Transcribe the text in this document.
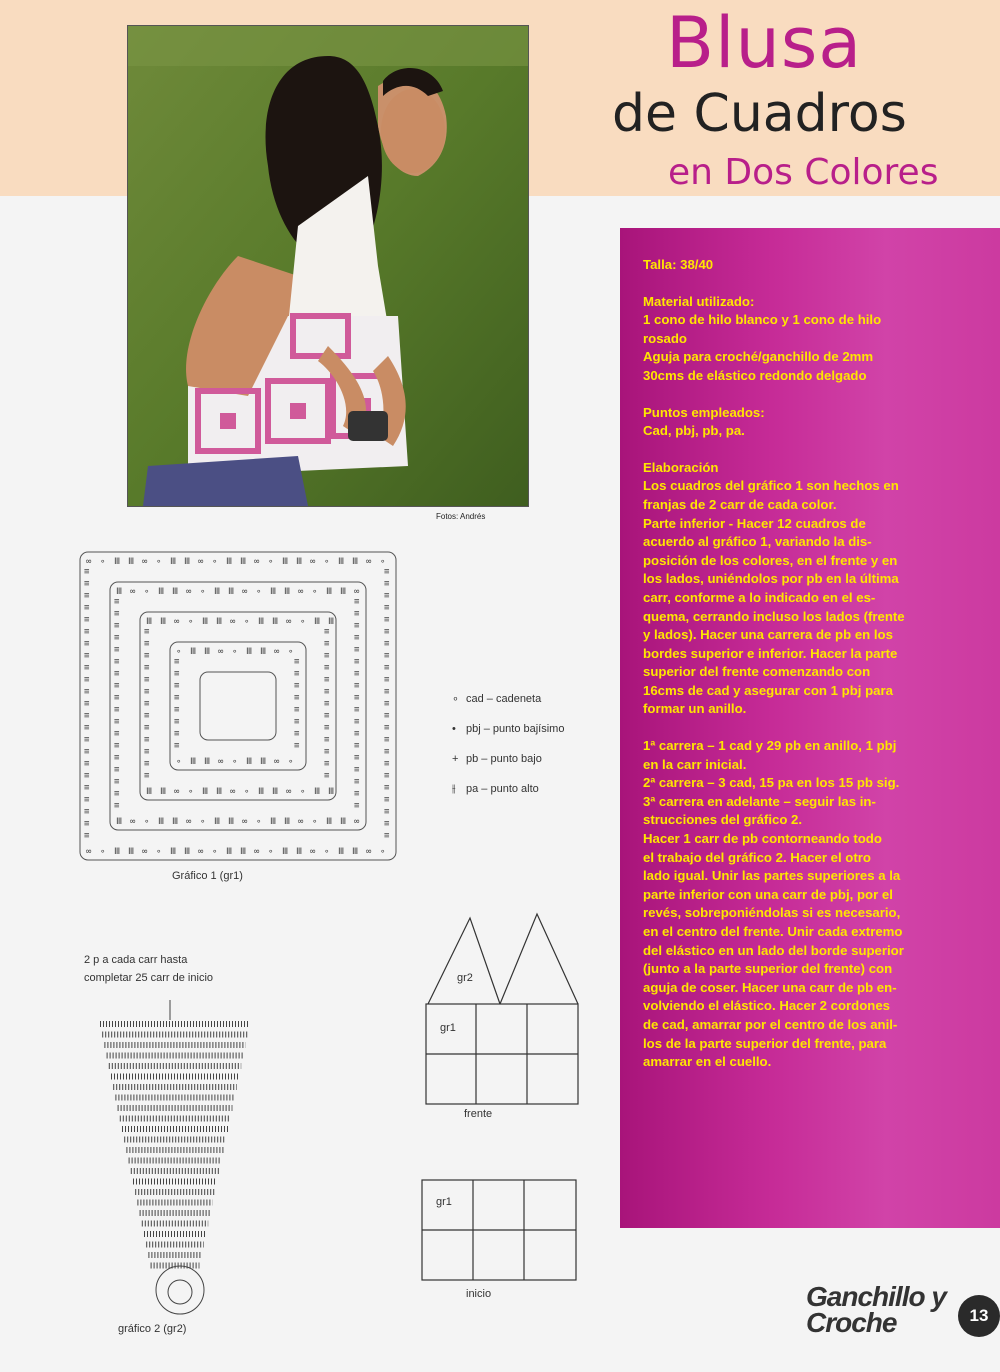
Fotos: Andrés
Blusa
de Cuadros
en Dos Colores

Talla: 38/40

Material utilizado:
1 cono de hilo blanco y 1 cono de hilo
rosado
Aguja para croché/ganchillo de 2mm
30cms de elástico redondo delgado

Puntos empleados:
Cad, pbj, pb, pa.

Elaboración
Los cuadros del gráfico 1 son hechos en
franjas de 2 carr de cada color.
Parte inferior - Hacer 12 cuadros de
acuerdo al gráfico 1, variando la dis-
posición de los colores, en el frente y en
los lados, uniéndolos por pb en la última
carr, conforme a lo indicado en el es-
quema, cerrando incluso los lados (frente
y lados). Hacer una carrera de pb en los
bordes superior e inferior. Hacer la parte
superior del frente comenzando con
16cms de cad y asegurar con 1 pbj para
formar un anillo.

1ª carrera – 1 cad y 29 pb en anillo, 1 pbj
en la carr inicial.
2ª carrera – 3 cad, 15 pa en los 15 pb sig.
3ª carrera en adelante – seguir las in-
strucciones del gráfico 2.
Hacer 1 carr de pb contorneando todo
el trabajo del gráfico 2. Hacer el otro
lado igual. Unir las partes superiores a la
parte inferior con una carr de pbj, por el
revés, sobreponiéndolas si es necesario,
en el centro del frente. Unir cada extremo
del elástico en un lado del borde superior
(junto a la parte superior del frente) con
aguja de coser. Hacer una carr de pb en-
volviendo el elástico. Hacer 2 cordones
de cad, amarrar por el centro de los anil-
los de la parte superior del frente, para
amarrar en el cuello.

∞
∞
∘
∘
Ⅲ
Ⅲ
Ⅲ
Ⅲ
∞
∞
∘
∘
Ⅲ
Ⅲ
Ⅲ
Ⅲ
∞
∞
∘
∘
Ⅲ
Ⅲ
Ⅲ
Ⅲ
∞
∞
∘
∘
Ⅲ
Ⅲ
Ⅲ
Ⅲ
∞
∞
∘
∘
Ⅲ
Ⅲ
Ⅲ
Ⅲ
∞
∞
∘
∘
≡	≡
≡	≡
≡	≡
≡	≡
≡	≡
≡	≡
≡	≡
≡	≡
≡	≡
≡	≡
≡	≡
≡	≡
≡	≡
≡	≡
≡	≡
≡	≡
≡	≡
≡	≡
≡	≡
≡	≡
≡	≡
≡	≡
≡	≡
Ⅲ
Ⅲ
∞
∞
∘
∘
Ⅲ
Ⅲ
Ⅲ
Ⅲ
∞
∞
∘
∘
Ⅲ
Ⅲ
Ⅲ
Ⅲ
∞
∞
∘
∘
Ⅲ
Ⅲ
Ⅲ
Ⅲ
∞
∞
∘
∘
Ⅲ
Ⅲ
Ⅲ
Ⅲ
∞
∞
≡	≡
≡	≡
≡	≡
≡	≡
≡	≡
≡	≡
≡	≡
≡	≡
≡	≡
≡	≡
≡	≡
≡	≡
≡	≡
≡	≡
≡	≡
≡	≡
≡	≡
≡	≡
Ⅲ
Ⅲ
Ⅲ
Ⅲ
∞
∞
∘
∘
Ⅲ
Ⅲ
Ⅲ
Ⅲ
∞
∞
∘
∘
Ⅲ
Ⅲ
Ⅲ
Ⅲ
∞
∞
∘
∘
Ⅲ
Ⅲ
Ⅲ
Ⅲ
≡	≡
≡	≡
≡	≡
≡	≡
≡	≡
≡	≡
≡	≡
≡	≡
≡	≡
≡	≡
≡	≡
≡	≡
≡	≡
∘
∘
Ⅲ
Ⅲ
Ⅲ
Ⅲ
∞
∞
∘
∘
Ⅲ
Ⅲ
Ⅲ
Ⅲ
∞
∞
∘
∘
≡	≡
≡	≡
≡	≡
≡	≡
≡	≡
≡	≡
≡	≡
≡	≡
Gráfico 1 (gr1)
∘ cad – cadeneta
• pbj – punto bajísimo
+ pb – punto bajo
⫲ pa – punto alto
2 p a cada carr hasta
completar 25 carr de inicio
gráfico 2 (gr2)
gr2
gr1
frente
gr1
inicio	Ganchillo y
Croche	13
